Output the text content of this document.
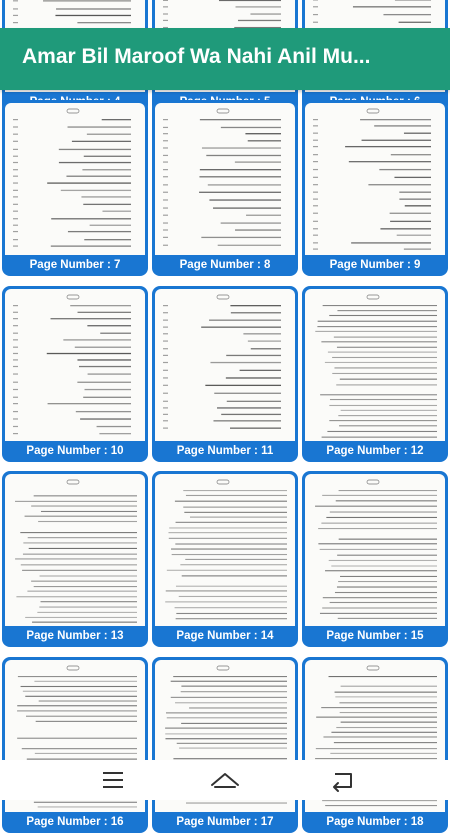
Amar Bil Maroof Wa Nahi Anil Mu...
Page Number : 7	Page Number : 8	Page Number : 9
Page Number : 10	Page Number : 11	Page Number : 12
Page Number : 13	Page Number : 14	Page Number : 15
Page Number : 16	Page Number : 17	Page Number : 18
